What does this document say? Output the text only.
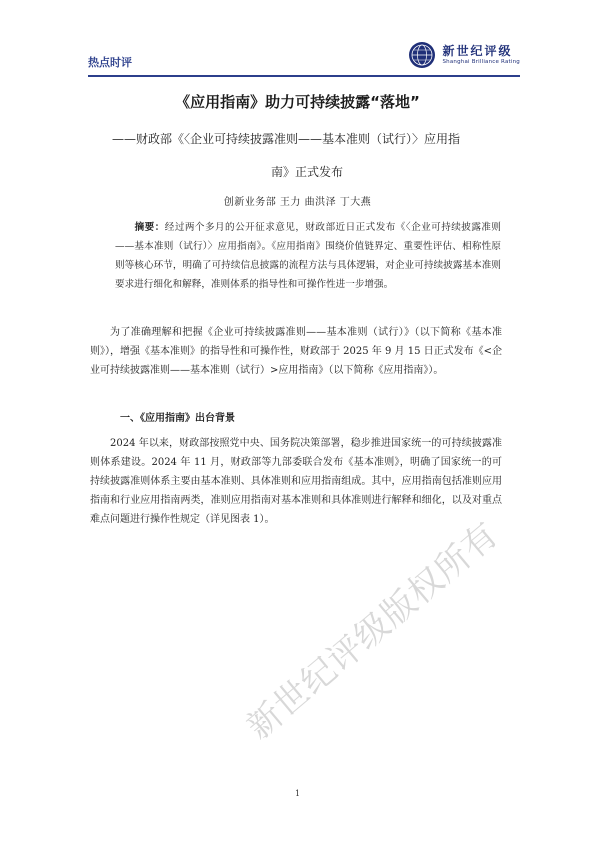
热点时评
新世纪评级
Shanghai Brilliance Rating
《应用指南》助力可持续披露“落地”
——财政部《〈企业可持续披露准则——基本准则（试行）〉应用指
南》正式发布
创新业务部 王力 曲洪泽 丁大燕
摘要：经过两个多月的公开征求意见，财政部近日正式发布《〈企业可持续披露准则——基本准则（试行）〉应用指南》。《应用指南》围绕价值链界定、重要性评估、相称性原则等核心环节，明确了可持续信息披露的流程方法与具体逻辑，对企业可持续披露基本准则要求进行细化和解释，准则体系的指导性和可操作性进一步增强。
为了准确理解和把握《企业可持续披露准则——基本准则（试行）》（以下简称《基本准则》），增强《基本准则》的指导性和可操作性，财政部于 2025 年 9 月 15 日正式发布《<企业可持续披露准则——基本准则（试行）>应用指南》（以下简称《应用指南》）。
一、《应用指南》出台背景
2024 年以来，财政部按照党中央、国务院决策部署，稳步推进国家统一的可持续披露准则体系建设。2024 年 11 月，财政部等九部委联合发布《基本准则》，明确了国家统一的可持续披露准则体系主要由基本准则、具体准则和应用指南组成。其中，应用指南包括准则应用指南和行业应用指南两类，准则应用指南对基本准则和具体准则进行解释和细化，以及对重点难点问题进行操作性规定（详见图表 1）。
新世纪评级版权所有
1
